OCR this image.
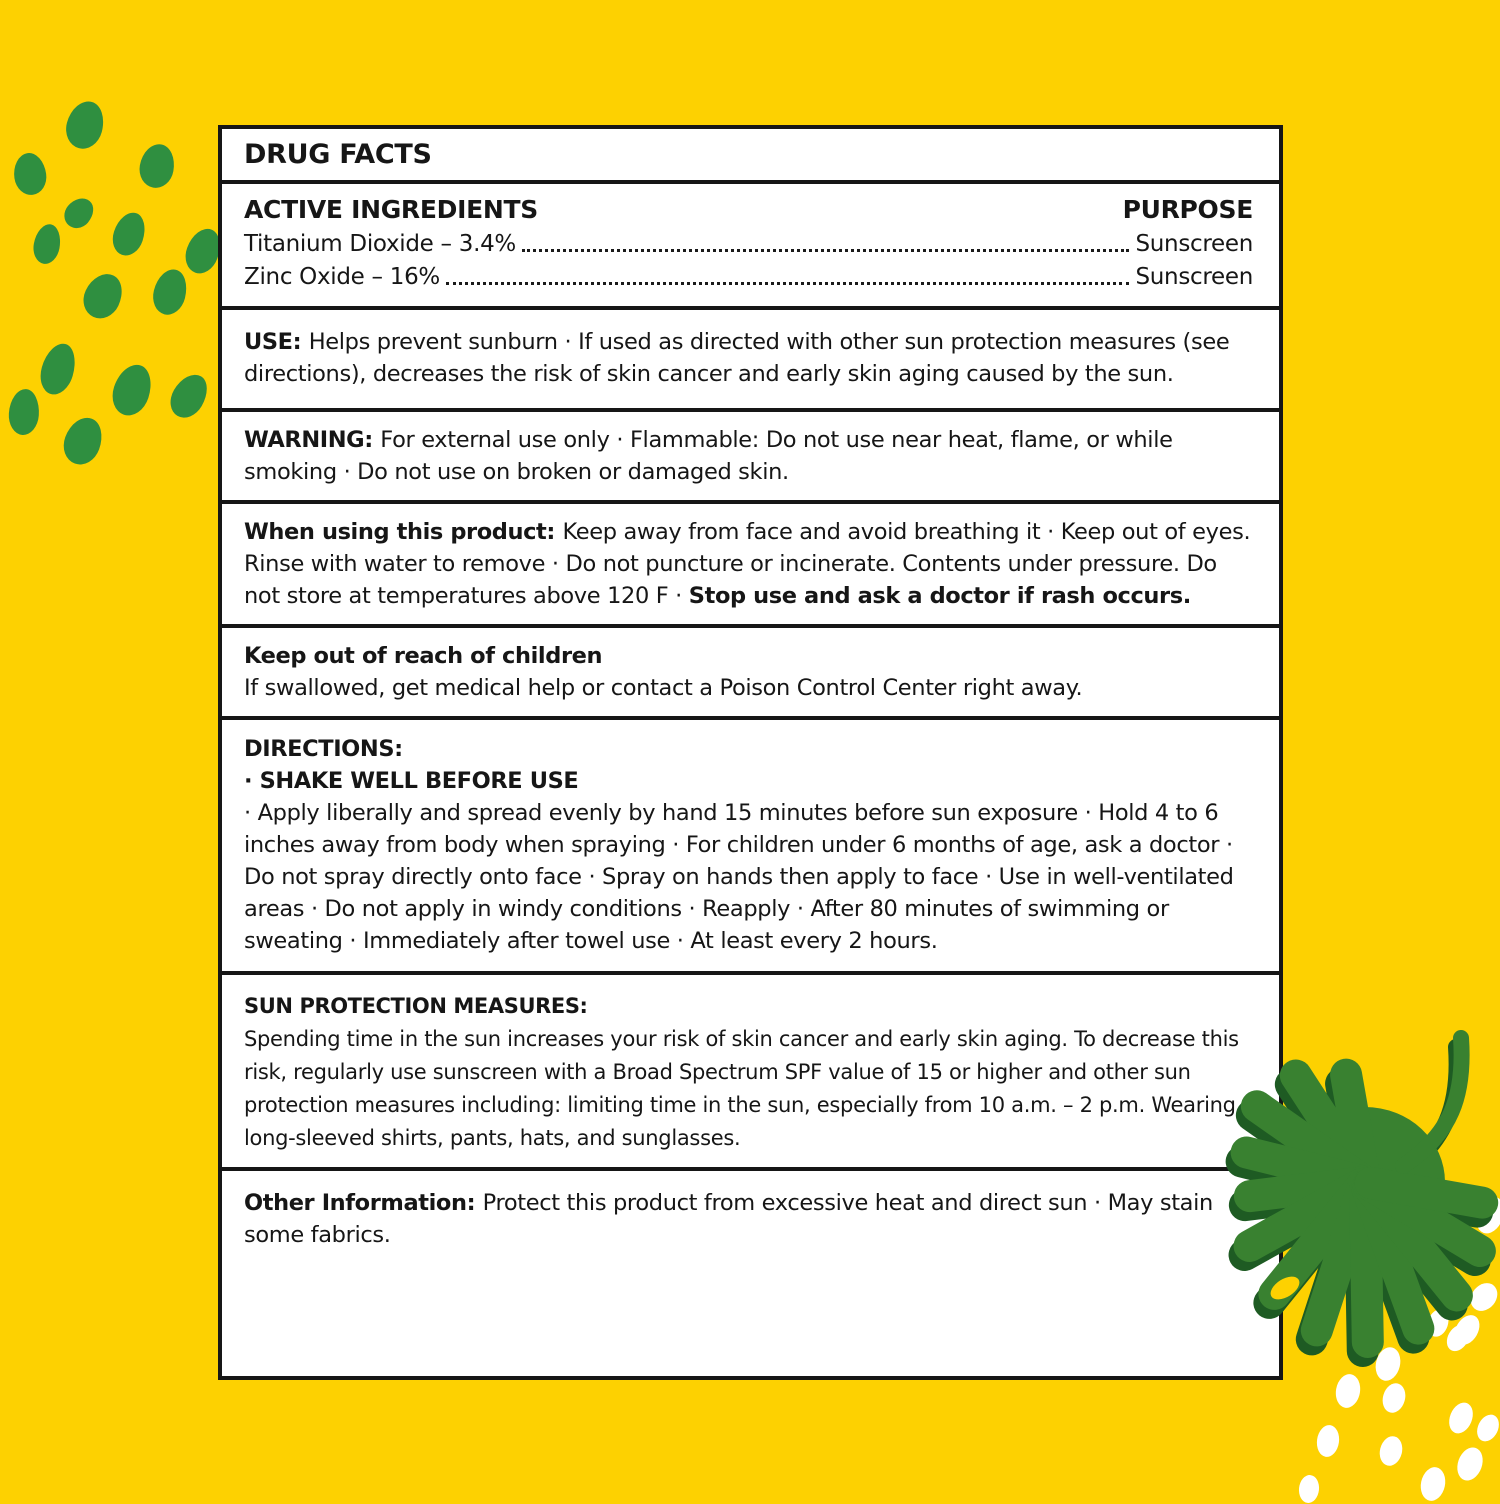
DRUG FACTS
ACTIVE INGREDIENTS	PURPOSE
Titanium Dioxide – 3.4%	Sunscreen
Zinc Oxide – 16%	Sunscreen

USE: Helps prevent sunburn · If used as directed with other sun protection measures (see directions), decreases the risk of skin cancer and early skin aging caused by the sun.

WARNING: For external use only · Flammable: Do not use near heat, flame, or while smoking · Do not use on broken or damaged skin.

When using this product: Keep away from face and avoid breathing it · Keep out of eyes. Rinse with water to remove · Do not puncture or incinerate. Contents under pressure. Do not store at temperatures above 120 F · Stop use and ask a doctor if rash occurs.

Keep out of reach of children

If swallowed, get medical help or contact a Poison Control Center right away.

DIRECTIONS:

· SHAKE WELL BEFORE USE

· Apply liberally and spread evenly by hand 15 minutes before sun exposure · Hold 4 to 6 inches away from body when spraying · For children under 6 months of age, ask a doctor · Do not spray directly onto face · Spray on hands then apply to face · Use in well-ventilated areas · Do not apply in windy conditions · Reapply · After 80 minutes of swimming or sweating · Immediately after towel use · At least every 2 hours.

SUN PROTECTION MEASURES:

Spending time in the sun increases your risk of skin cancer and early skin aging. To decrease this risk, regularly use sunscreen with a Broad Spectrum SPF value of 15 or higher and other sun protection measures including: limiting time in the sun, especially from 10 a.m. – 2 p.m. Wearing long-sleeved shirts, pants, hats, and sunglasses.

Other Information: Protect this product from excessive heat and direct sun · May stain some fabrics.
